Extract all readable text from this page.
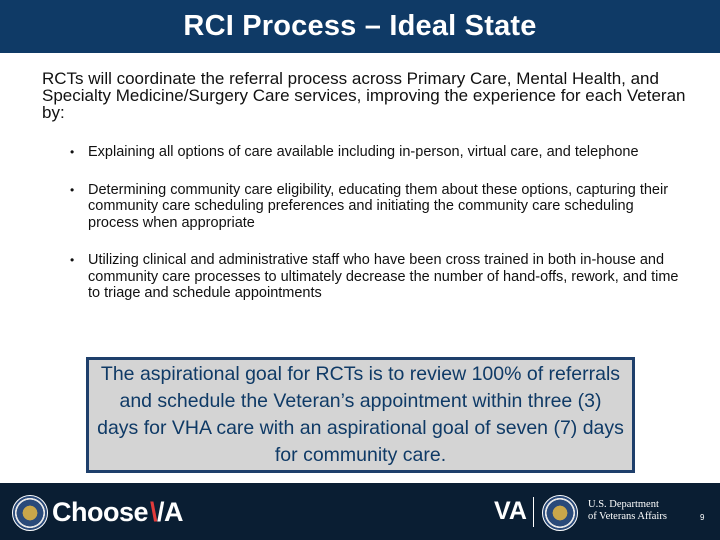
RCI Process – Ideal State
RCTs will coordinate the referral process across Primary Care, Mental Health, and Specialty Medicine/Surgery Care services, improving the experience for each Veteran by:
• Explaining all options of care available including in-person, virtual care, and telephone
• Determining community care eligibility, educating them about these options, capturing their community care scheduling preferences and initiating the community care scheduling process when appropriate
• Utilizing clinical and administrative staff who have been cross trained in both in-house and community care processes to ultimately decrease the number of hand-offs, rework, and time to triage and schedule appointments

The aspirational goal for RCTs is to review 100% of referrals and schedule the Veteran’s appointment within three (3) days for VHA care with an aspirational goal of seven (7) days for community care.

Choose \/A	VA	U.S. Department
of Veterans Affairs	9
